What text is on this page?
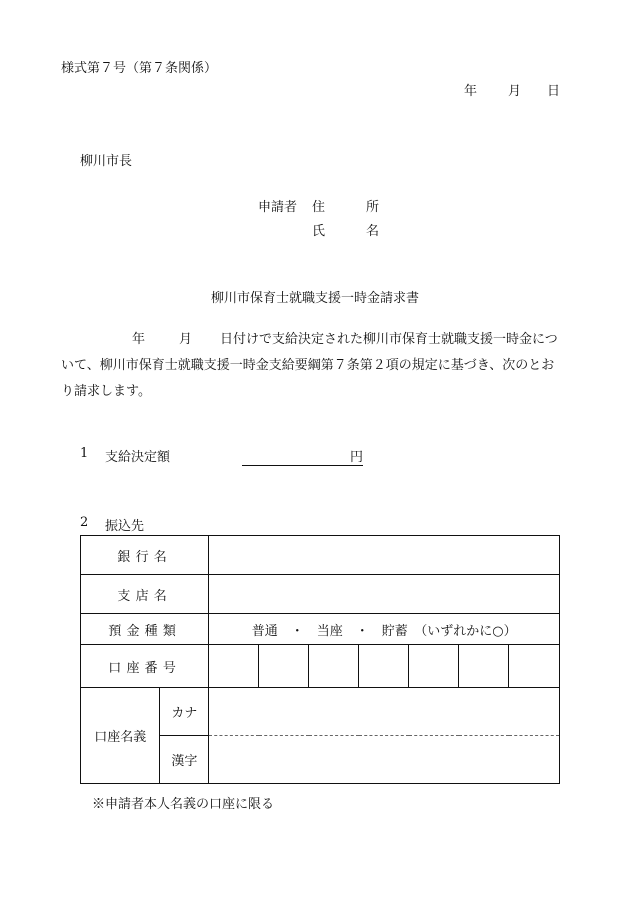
様式第７号（第７条関係）
年 月 日
柳川市長
申請者 住	所
氏	名
柳川市保育士就職支援一時金請求書
年	月 日付けで支給決定された柳川市保育士就職支援一時金について、柳川市保育士就職支援一時金支給要綱第７条第２項の規定に基づき、次のとおり請求します。
1 支給決定額	円
2 振込先
銀行名								
支店名								
預金種類		普通　・　当座　・　貯蓄　（いずれかに○）						
口座番号								
口座名義	カナ							
	漢字							
※申請者本人名義の口座に限る
